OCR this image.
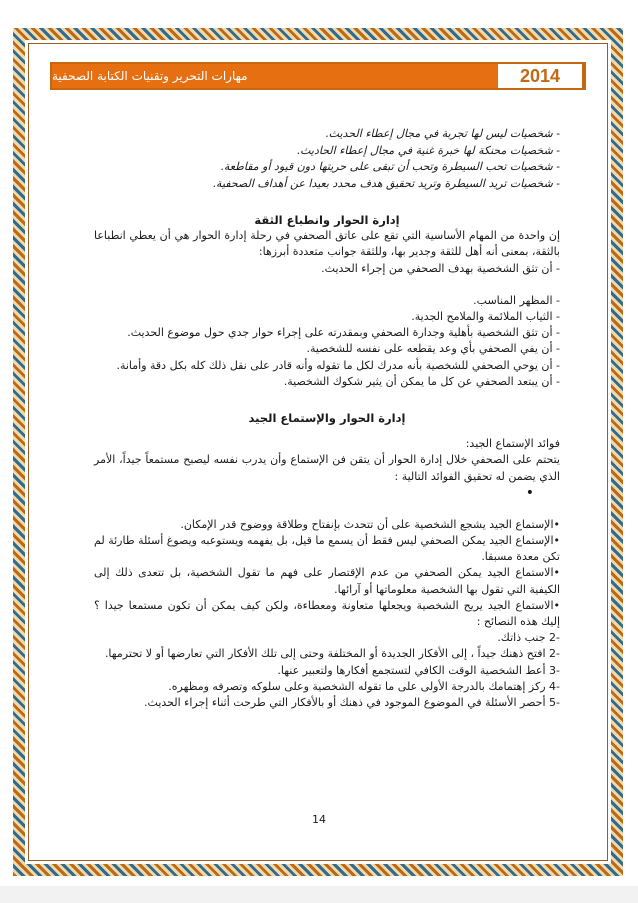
مهارات التحرير وتقنيات الكتابة الصحفية	2014

- شخصيات ليس لها تجربة في مجال إعطاء الحديث.

- شخصيات محنكة لها خبرة غنية في مجال إعطاء الحاديث.

- شخصيات تحب السيطرة وتحب أن تبقى على حريتها دون قيود أو مقاطعة.

- شخصيات تريد السيطرة وتريد تحقيق هدف محدد بعيدا عن أهداف الصحفية.

إدارة الحوار وانطباع الثقة

إن واحدة من المهام الأساسية التي تقع على عاتق الصحفي في رحلة إدارة الحوار هي أن يعطي انطباعا بالثقة، بمعنى أنه أهل للثقة وجدير بها، وللثقة جوانب متعددة أبرزها:

- أن تثق الشخصية بهدف الصحفي من إجراء الحديث.

- المظهر المناسب.

- الثياب الملائمة والملامح الجدية.

- أن تثق الشخصية بأهلية وجدارة الصحفي وبمقدرته على إجراء حوار جدي حول موضوع الحديث.

- أن يفي الصحفي بأي وعد يقطعه على نفسه للشخصية.

- أن يوحي الصحفي للشخصية بأنه مدرك لكل ما تقوله وأنه قادر على نقل ذلك كله بكل دقة وأمانة.

- أن يبتعد الصحفي عن كل ما يمكن أن يثير شكوك الشخصية.

إدارة الحوار والإستماع الجيد

فوائد الإستماع الجيد:

يتحتم على الصحفي خلال إدارة الحوار أن يتقن فن الإستماع وأن يدرب نفسه ليصبح مستمعاً جيداً، الأمر الذي يضمن له تحقيق الفوائد التالية :

•

•الإستماع الجيد يشجع الشخصية على أن تتحدث بإنفتاح وطلاقة ووضوح قدر الإمكان.

•الإستماع الجيد يمكن الصحفي ليس فقط أن يسمع ما قيل، بل يفهمه ويستوعبه ويصوغ أسئلة طارئة لم تكن معدة مسبقا.

•الاستماع الجيد يمكن الصحفي من عدم الإقتصار على فهم ما تقول الشخصية، بل تتعدى ذلك إلى الكيفية التي تقول بها الشخصية معلوماتها أو آرائها.

•الاستماع الجيد يريح الشخصية ويجعلها متعاونة ومعطاءة، ولكن كيف يمكن أن تكون مستمعا جيدا ؟ إليك هذه النصائح :

-2 جنب ذاتك.

-2 افتح ذهنك جيداً ، إلى الأفكار الجديدة أو المختلفة وحتى إلى تلك الأفكار التي تعارضها أو لا تحترمها.

-3 أعط الشخصية الوقت الكافي لتستجمع أفكارها ولتعبير عنها.

-4 ركز إهتمامك بالدرجة الأولى على ما تقوله الشخصية وعلى سلوكه وتصرفه ومظهره.

-5 أحصر الأسئلة في الموضوع الموجود في ذهنك أو بالأفكار التي طرحت أثناء إجراء الحديث.

14
